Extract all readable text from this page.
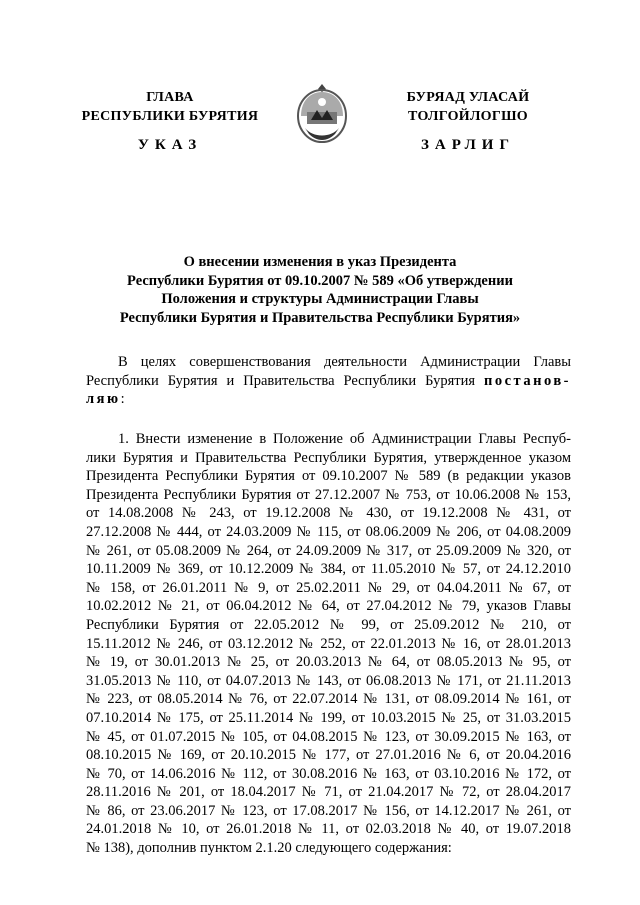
ГЛАВА
РЕСПУБЛИКИ БУРЯТИЯ
БУРЯАД УЛАСАЙ
ТОЛГОЙЛОГШО
УКАЗ	ЗАРЛИГ
О внесении изменения в указ Президента
Республики Бурятия от 09.10.2007 № 589 «Об утверждении
Положения и структуры Администрации Главы
Республики Бурятия и Правительства Республики Бурятия»
В целях совершенствования деятельности Администрации Главы
Республики Бурятия и Правительства Республики Бурятия постанов-
ляю:
1. Внести изменение в Положение об Администрации Главы Респуб-
лики Бурятия и Правительства Республики Бурятия, утвержденное указом
Президента Республики Бурятия от 09.10.2007 № 589 (в редакции указов
Президента Республики Бурятия от 27.12.2007 № 753, от 10.06.2008 № 153,
от 14.08.2008 № 243, от 19.12.2008 № 430, от 19.12.2008 № 431, от
27.12.2008 № 444, от 24.03.2009 № 115, от 08.06.2009 № 206, от 04.08.2009
№ 261, от 05.08.2009 № 264, от 24.09.2009 № 317, от 25.09.2009 № 320, от
10.11.2009 № 369, от 10.12.2009 № 384, от 11.05.2010 № 57, от 24.12.2010
№ 158, от 26.01.2011 № 9, от 25.02.2011 № 29, от 04.04.2011 № 67, от
10.02.2012 № 21, от 06.04.2012 № 64, от 27.04.2012 № 79, указов Главы
Республики Бурятия от 22.05.2012 № 99, от 25.09.2012 № 210, от
15.11.2012 № 246, от 03.12.2012 № 252, от 22.01.2013 № 16, от 28.01.2013
№ 19, от 30.01.2013 № 25, от 20.03.2013 № 64, от 08.05.2013 № 95, от
31.05.2013 № 110, от 04.07.2013 № 143, от 06.08.2013 № 171, от 21.11.2013
№ 223, от 08.05.2014 № 76, от 22.07.2014 № 131, от 08.09.2014 № 161, от
07.10.2014 № 175, от 25.11.2014 № 199, от 10.03.2015 № 25, от 31.03.2015
№ 45, от 01.07.2015 № 105, от 04.08.2015 № 123, от 30.09.2015 № 163, от
08.10.2015 № 169, от 20.10.2015 № 177, от 27.01.2016 № 6, от 20.04.2016
№ 70, от 14.06.2016 № 112, от 30.08.2016 № 163, от 03.10.2016 № 172, от
28.11.2016 № 201, от 18.04.2017 № 71, от 21.04.2017 № 72, от 28.04.2017
№ 86, от 23.06.2017 № 123, от 17.08.2017 № 156, от 14.12.2017 № 261, от
24.01.2018 № 10, от 26.01.2018 № 11, от 02.03.2018 № 40, от 19.07.2018
№ 138), дополнив пунктом 2.1.20 следующего содержания:
